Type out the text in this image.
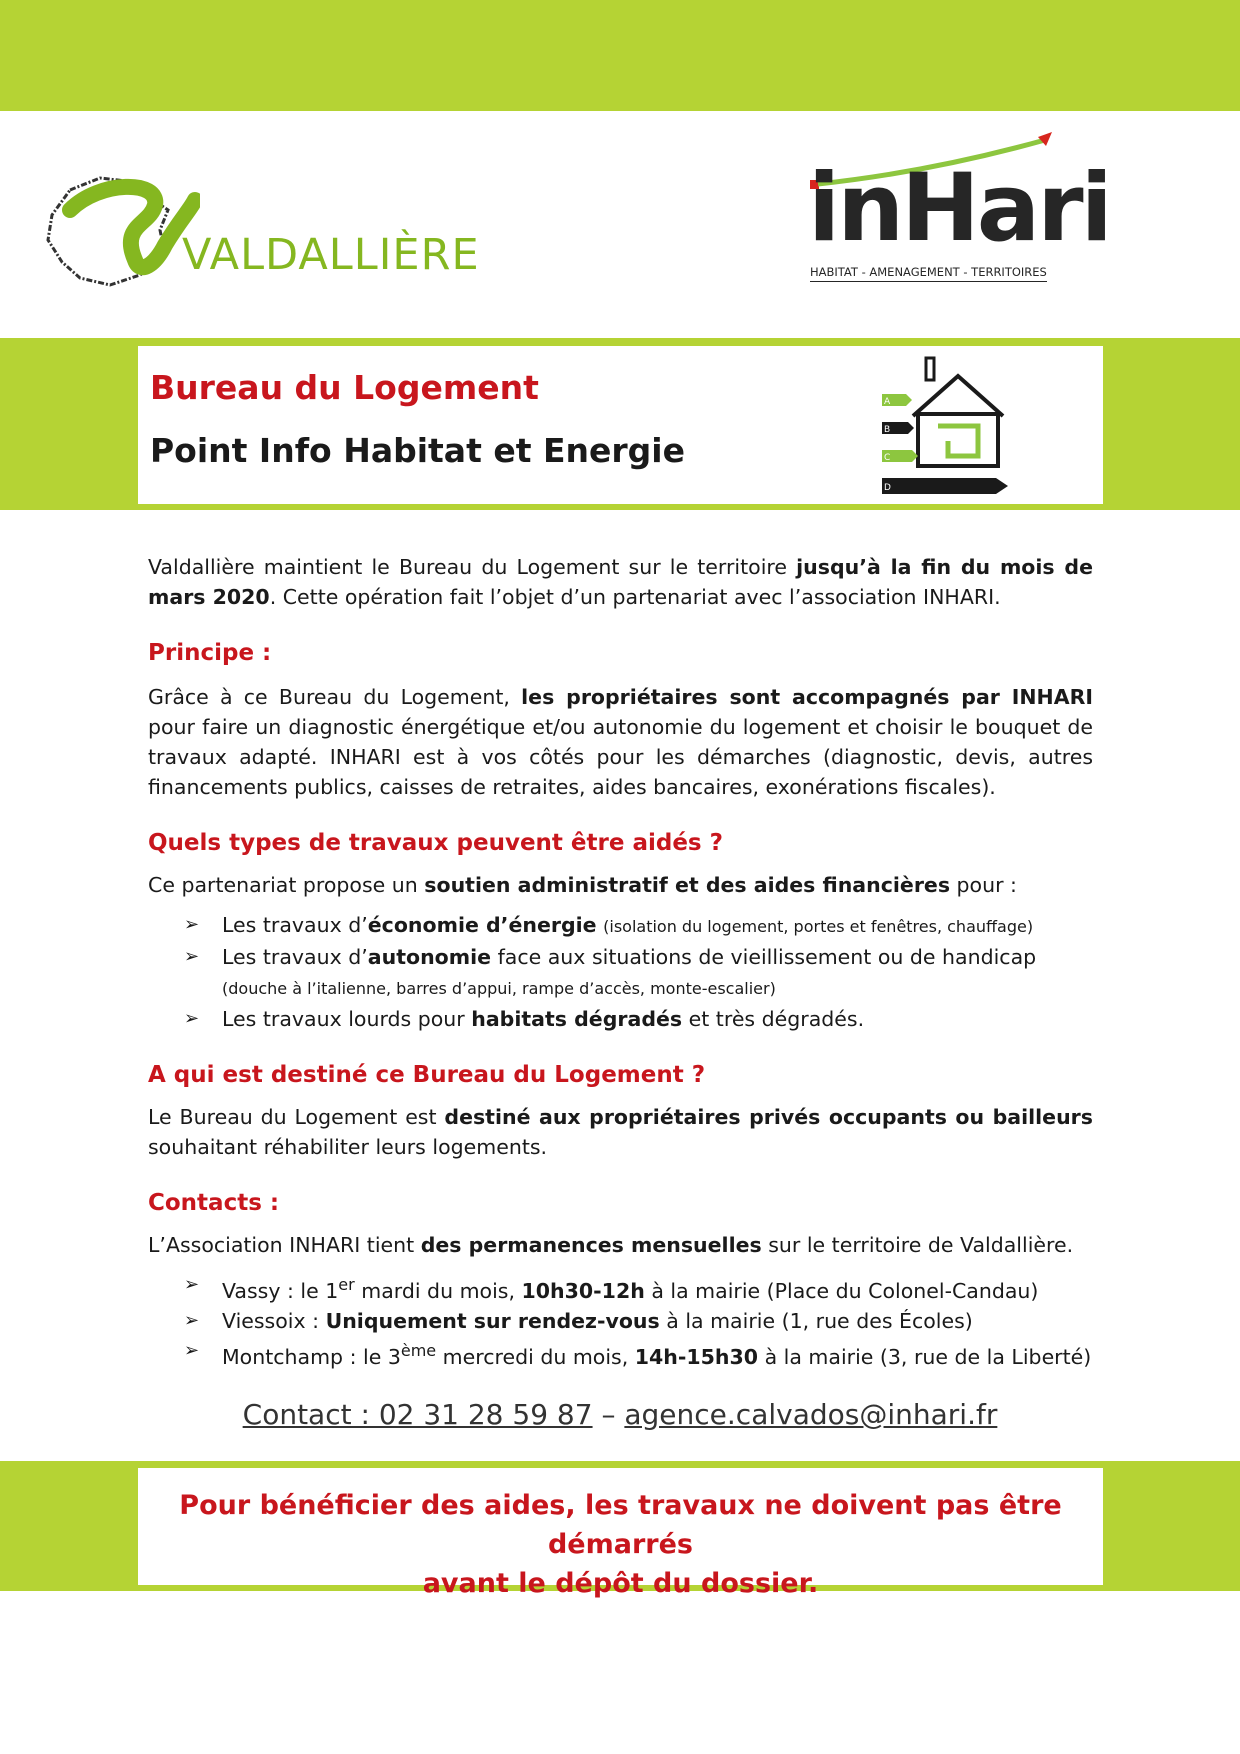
VALDALLIÈRE	inHari
HABITAT - AMENAGEMENT - TERRITOIRES
Bureau du Logement
Point Info Habitat et Energie
A
B
C
D

Valdallière maintient le Bureau du Logement sur le territoire jusqu’à la fin du mois de mars 2020. Cette opération fait l’objet d’un partenariat avec l’association INHARI.

Principe :

Grâce à ce Bureau du Logement, les propriétaires sont accompagnés par INHARI pour faire un diagnostic énergétique et/ou autonomie du logement et choisir le bouquet de travaux adapté. INHARI est à vos côtés pour les démarches (diagnostic, devis, autres financements publics, caisses de retraites, aides bancaires, exonérations fiscales).

Quels types de travaux peuvent être aidés ?

Ce partenariat propose un soutien administratif et des aides financières pour :

➢ Les travaux d’économie d’énergie (isolation du logement, portes et fenêtres, chauffage)
➢ Les travaux d’autonomie face aux situations de vieillissement ou de handicap
(douche à l’italienne, barres d’appui, rampe d’accès, monte-escalier)
➢ Les travaux lourds pour habitats dégradés et très dégradés.
A qui est destiné ce Bureau du Logement ?

Le Bureau du Logement est destiné aux propriétaires privés occupants ou bailleurs souhaitant réhabiliter leurs logements.

Contacts :

L’Association INHARI tient des permanences mensuelles sur le territoire de Valdallière.

➢ Vassy : le 1er mardi du mois, 10h30-12h à la mairie (Place du Colonel-Candau)
➢ Viessoix : Uniquement sur rendez-vous à la mairie (1, rue des Écoles)
➢ Montchamp : le 3ème mercredi du mois, 14h-15h30 à la mairie (3, rue de la Liberté)
Contact : 02 31 28 59 87 – agence.calvados@inhari.fr
Pour bénéficier des aides, les travaux ne doivent pas être démarrés
avant le dépôt du dossier.
